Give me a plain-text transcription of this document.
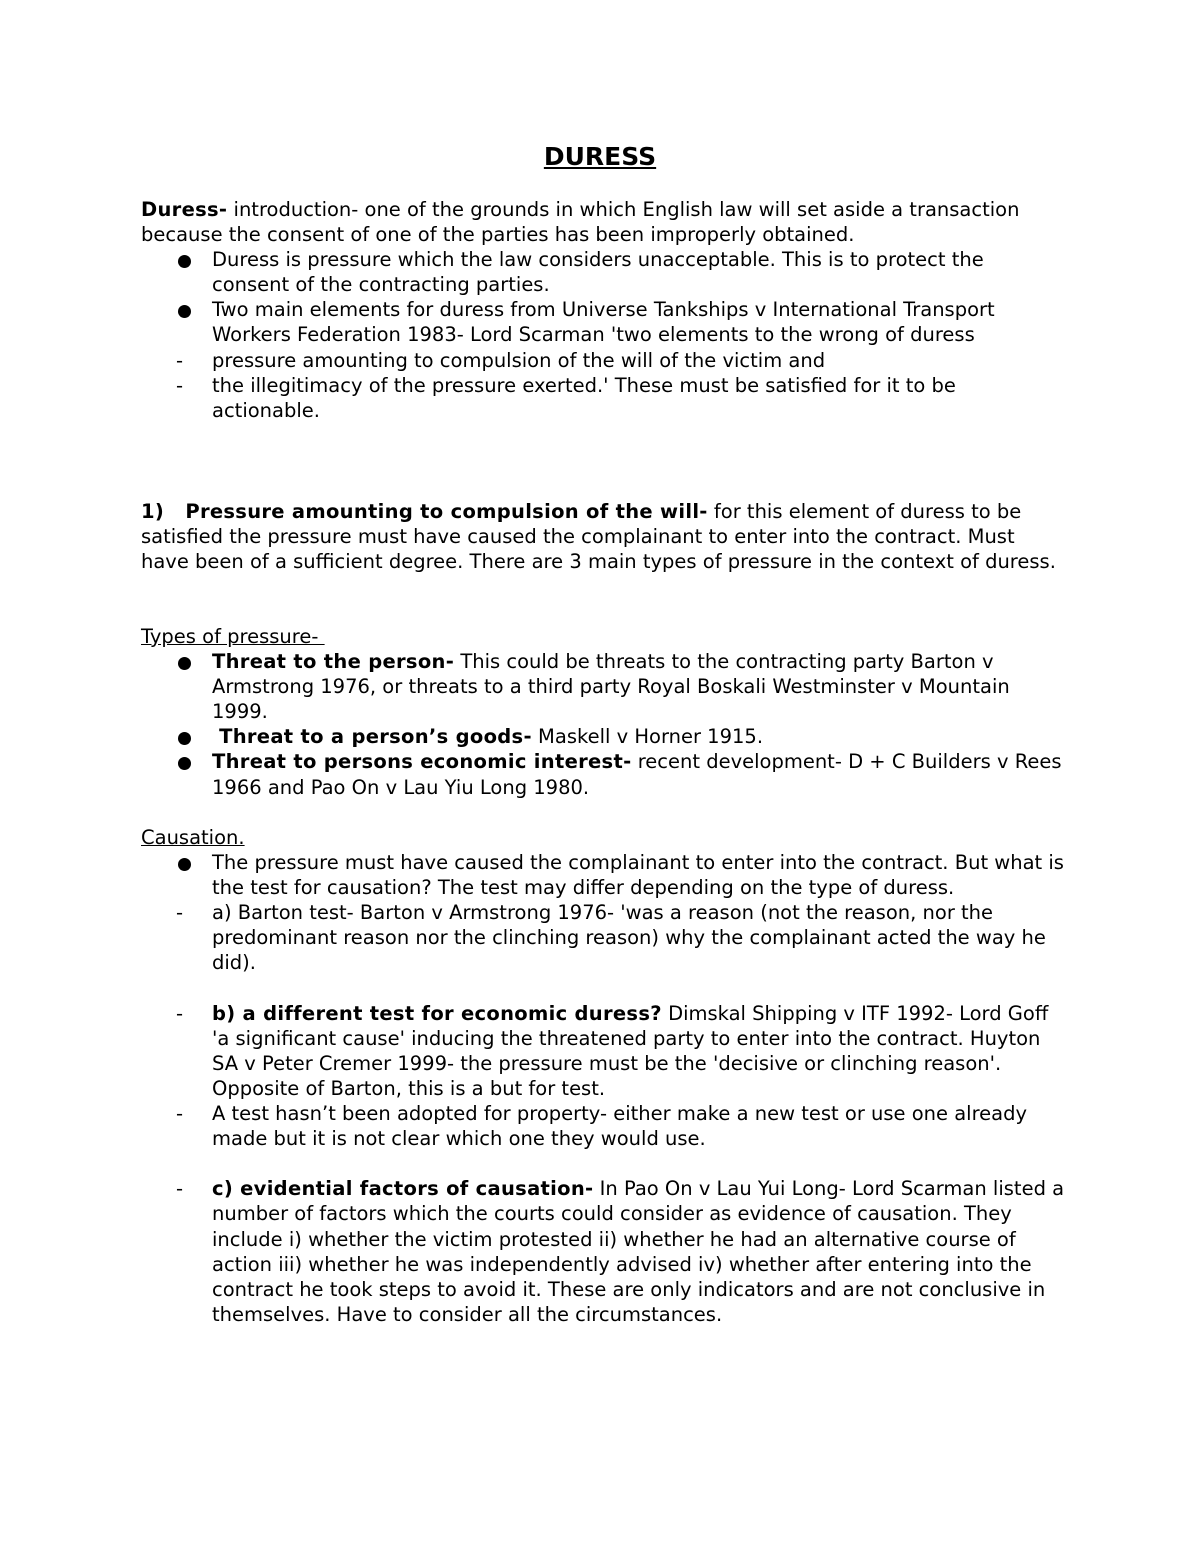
DURESS

Duress- introduction- one of the grounds in which English law will set aside a transaction because the consent of one of the parties has been improperly obtained.

Duress is pressure which the law considers unacceptable. This is to protect the consent of the contracting parties.
Two main elements for duress from Universe Tankships v International Transport Workers Federation 1983- Lord Scarman 'two elements to the wrong of duress
-
pressure amounting to compulsion of the will of the victim and
-
the illegitimacy of the pressure exerted.' These must be satisfied for it to be actionable.

1)   Pressure amounting to compulsion of the will- for this element of duress to be satisfied the pressure must have caused the complainant to enter into the contract. Must have been of a sufficient degree. There are 3 main types of pressure in the context of duress.

Types of pressure-

Threat to the person- This could be threats to the contracting party Barton v Armstrong 1976, or threats to a third party Royal Boskali Westminster v Mountain 1999.
Threat to a person’s goods- Maskell v Horner 1915.
Threat to persons economic interest- recent development- D + C Builders v Rees 1966 and Pao On v Lau Yiu Long 1980.

Causation.

The pressure must have caused the complainant to enter into the contract. But what is the test for causation? The test may differ depending on the type of duress.
-
a) Barton test- Barton v Armstrong 1976- 'was a reason (not the reason, nor the predominant reason nor the clinching reason) why the complainant acted the way he did).
-
b) a different test for economic duress? Dimskal Shipping v ITF 1992- Lord Goff 'a significant cause' inducing the threatened party to enter into the contract. Huyton SA v Peter Cremer 1999- the pressure must be the 'decisive or clinching reason'. Opposite of Barton, this is a but for test.
-
A test hasn’t been adopted for property- either make a new test or use one already made but it is not clear which one they would use.
-
c) evidential factors of causation- In Pao On v Lau Yui Long- Lord Scarman listed a number of factors which the courts could consider as evidence of causation. They include i) whether the victim protested ii) whether he had an alternative course of action iii) whether he was independently advised iv) whether after entering into the contract he took steps to avoid it. These are only indicators and are not conclusive in themselves. Have to consider all the circumstances.
